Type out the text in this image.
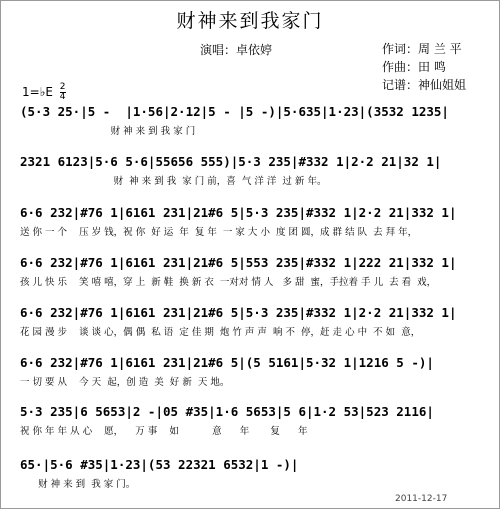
财神来到我家门
演唱：卓依婷	作词：周 兰 平
作曲：田 鸣
记谱：神仙姐姐
1=♭E $\frac{2}{4}$
(5·3 25·|5 -  |1·56|2·12|5 - |5 -)|5·635|1·23|(3532 1235|
财 神 来 到 我 家 门
2321 6123|5·6 5·6|55656 555)|5·3 235|#332 1|2·2 21|32 1|
财  神 来 到 我  家 门 前，喜  气 洋 洋  过 新 年。
6·6 232|#76 1|6161 231|21#6 5|5·3 235|#332 1|2·2 21|332 1|
送 你 一 个    压 岁 钱，祝 你  好 运  年  复 年  一 家 大 小  度 团 圆，成 群 结 队  去 拜 年，
6·6 232|#76 1|6161 231|21#6 5|553 235|#332 1|222 21|332 1|
孩 儿 快 乐    笑 嘻 嘻，穿 上  新 鞋  换 新 衣  一对对 情 人   多 甜  蜜，手拉着 手 儿  去 看  戏，
6·6 232|#76 1|6161 231|21#6 5|5·3 235|#332 1|2·2 21|332 1|
花 园 漫 步    谈 谈 心，偶 偶  私 语  定 佳 期  炮 竹 声 声  响 不  停，赶 走 心 中  不 如  意，
6·6 232|#76 1|6161 231|21#6 5|(5 5161|5·32 1|1216 5 -)|
一 切 要 从    今 天  起，创 造  美  好 新  天 地。
5·3 235|6 5653|2 -|05 #35|1·6 5653|5 6|1·2 53|523 2116|
祝 你 年 年 从 心    愿，    万 事    如           意      年       复      年
65·|5·6 #35|1·23|(53 22321 6532|1 -)|
财 神 来 到  我 家 门。
2011-12-17
